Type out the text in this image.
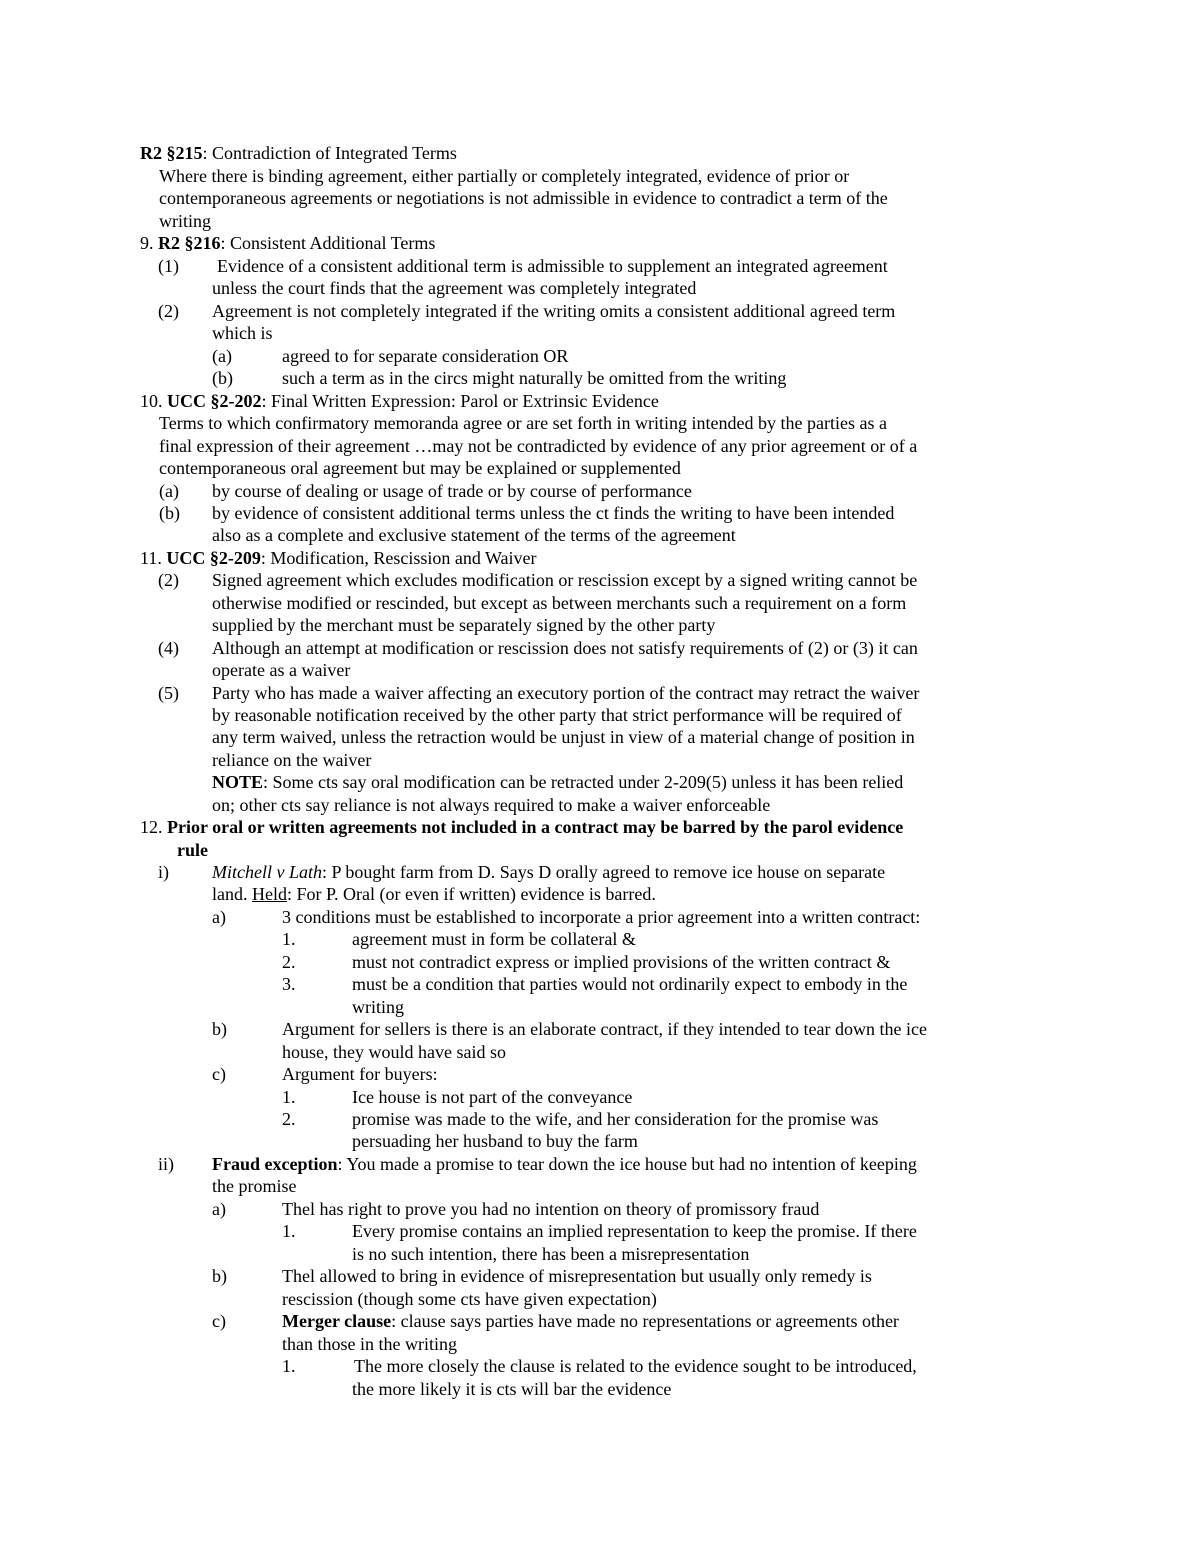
R2 §215: Contradiction of Integrated Terms
Where there is binding agreement, either partially or completely integrated, evidence of prior or
contemporaneous agreements or negotiations is not admissible in evidence to contradict a term of the
writing
9. R2 §216: Consistent Additional Terms
(1) Evidence of a consistent additional term is admissible to supplement an integrated agreement
unless the court finds that the agreement was completely integrated
(2) Agreement is not completely integrated if the writing omits a consistent additional agreed term
which is
(a)	agreed to for separate consideration OR
(b)	such a term as in the circs might naturally be omitted from the writing
10. UCC §2-202: Final Written Expression: Parol or Extrinsic Evidence
Terms to which confirmatory memoranda agree or are set forth in writing intended by the parties as a
final expression of their agreement …may not be contradicted by evidence of any prior agreement or of a
contemporaneous oral agreement but may be explained or supplemented
(a) by course of dealing or usage of trade or by course of performance
(b) by evidence of consistent additional terms unless the ct finds the writing to have been intended
also as a complete and exclusive statement of the terms of the agreement
11. UCC §2-209: Modification, Rescission and Waiver
(2) Signed agreement which excludes modification or rescission except by a signed writing cannot be
otherwise modified or rescinded, but except as between merchants such a requirement on a form
supplied by the merchant must be separately signed by the other party
(4) Although an attempt at modification or rescission does not satisfy requirements of (2) or (3) it can
operate as a waiver
(5) Party who has made a waiver affecting an executory portion of the contract may retract the waiver
by reasonable notification received by the other party that strict performance will be required of
any term waived, unless the retraction would be unjust in view of a material change of position in
reliance on the waiver
NOTE: Some cts say oral modification can be retracted under 2-209(5) unless it has been relied
on; other cts say reliance is not always required to make a waiver enforceable
12. Prior oral or written agreements not included in a contract may be barred by the parol evidence
rule
i) Mitchell v Lath: P bought farm from D. Says D orally agreed to remove ice house on separate
land. Held: For P. Oral (or even if written) evidence is barred.
a)	3 conditions must be established to incorporate a prior agreement into a written contract:
1.	agreement must in form be collateral &
2.	must not contradict express or implied provisions of the written contract &
3.	must be a condition that parties would not ordinarily expect to embody in the
writing
b)	Argument for sellers is there is an elaborate contract, if they intended to tear down the ice
house, they would have said so
c)	Argument for buyers:
1.	Ice house is not part of the conveyance
2.	promise was made to the wife, and her consideration for the promise was
persuading her husband to buy the farm
ii) Fraud exception: You made a promise to tear down the ice house but had no intention of keeping
the promise
a)	Thel has right to prove you had no intention on theory of promissory fraud
1.	Every promise contains an implied representation to keep the promise. If there
is no such intention, there has been a misrepresentation
b)	Thel allowed to bring in evidence of misrepresentation but usually only remedy is
rescission (though some cts have given expectation)
c)	Merger clause: clause says parties have made no representations or agreements other
than those in the writing
1.	The more closely the clause is related to the evidence sought to be introduced,
the more likely it is cts will bar the evidence
